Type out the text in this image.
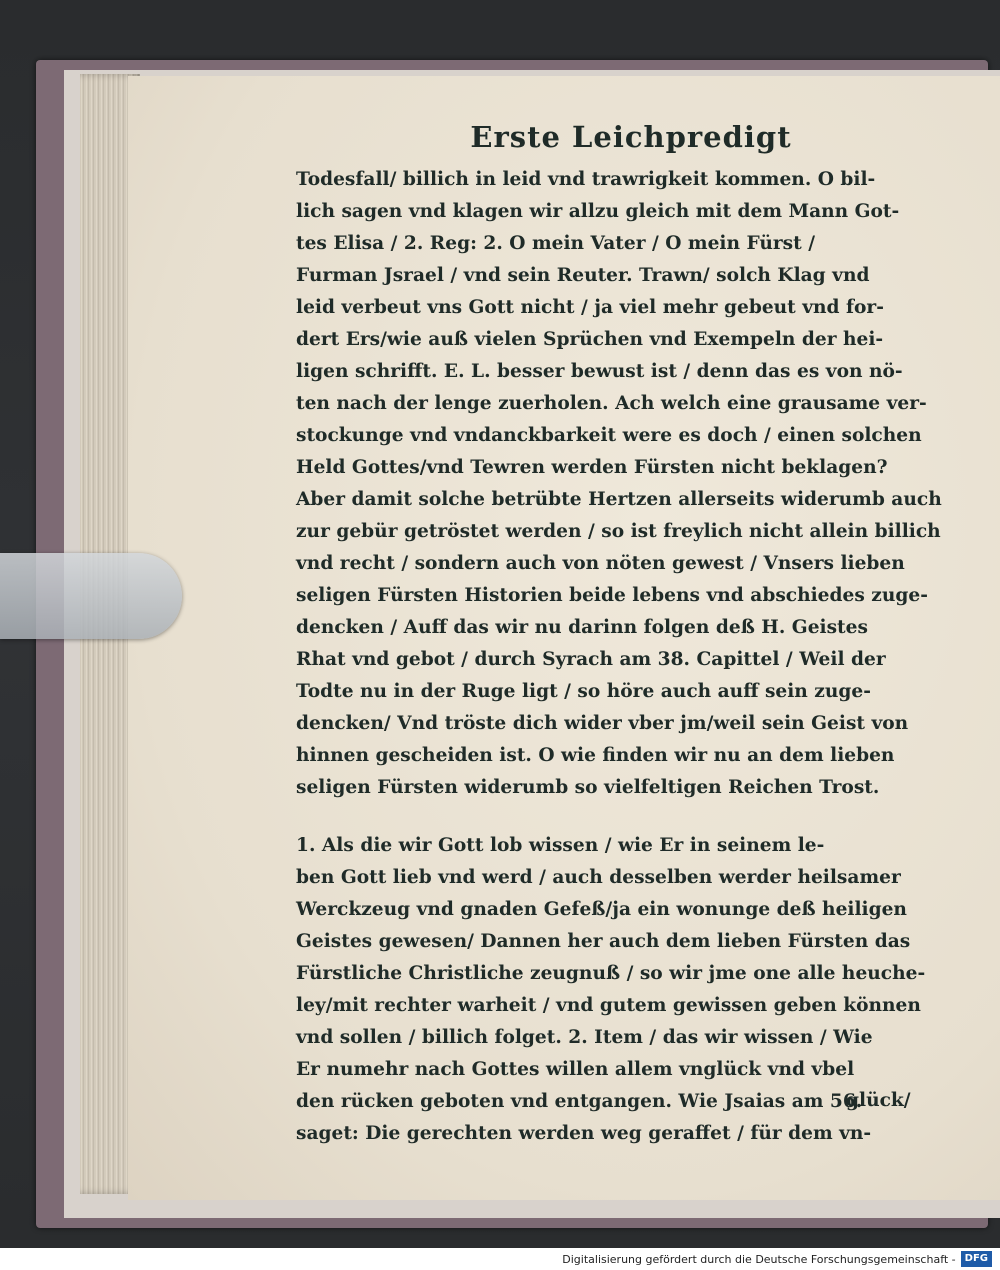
Erste Leichpredigt
Todesfall/ billich in leid vnd trawrigkeit kommen. O bil-
lich sagen vnd klagen wir allzu gleich mit dem Mann Got-
tes Elisa / 2. Reg: 2. O mein Vater / O mein Fürst /
Furman Jsrael / vnd sein Reuter. Trawn/ solch Klag vnd
leid verbeut vns Gott nicht / ja viel mehr gebeut vnd for-
dert Ers/wie auß vielen Sprüchen vnd Exempeln der hei-
ligen schrifft. E. L. besser bewust ist / denn das es von nö-
ten nach der lenge zuerholen. Ach welch eine grausame ver-
stockunge vnd vndanckbarkeit were es doch / einen solchen
Held Gottes/vnd Tewren werden Fürsten nicht beklagen?
Aber damit solche betrübte Hertzen allerseits widerumb auch
zur gebür getröstet werden / so ist freylich nicht allein billich
vnd recht / sondern auch von nöten gewest / Vnsers lieben
seligen Fürsten Historien beide lebens vnd abschiedes zuge-
dencken / Auff das wir nu darinn folgen deß H. Geistes
Rhat vnd gebot / durch Syrach am 38. Capittel / Weil der
Todte nu in der Ruge ligt / so höre auch auff sein zuge-
dencken/ Vnd tröste dich wider vber jm/weil sein Geist von
hinnen gescheiden ist. O wie finden wir nu an dem lieben
seligen Fürsten widerumb so vielfeltigen Reichen Trost.
1. Als die wir Gott lob wissen / wie Er in seinem le-
ben Gott lieb vnd werd / auch desselben werder heilsamer
Werckzeug vnd gnaden Gefeß/ja ein wonunge deß heiligen
Geistes gewesen/ Dannen her auch dem lieben Fürsten das
Fürstliche Christliche zeugnuß / so wir jme one alle heuche-
ley/mit rechter warheit / vnd gutem gewissen geben können
vnd sollen / billich folget. 2. Item / das wir wissen / Wie
Er numehr nach Gottes willen allem vnglück vnd vbel
den rücken geboten vnd entgangen. Wie Jsaias am 56.
saget: Die gerechten werden weg geraffet / für dem vn-
glück/
Digitalisierung gefördert durch die Deutsche Forschungsgemeinschaft - DFG
